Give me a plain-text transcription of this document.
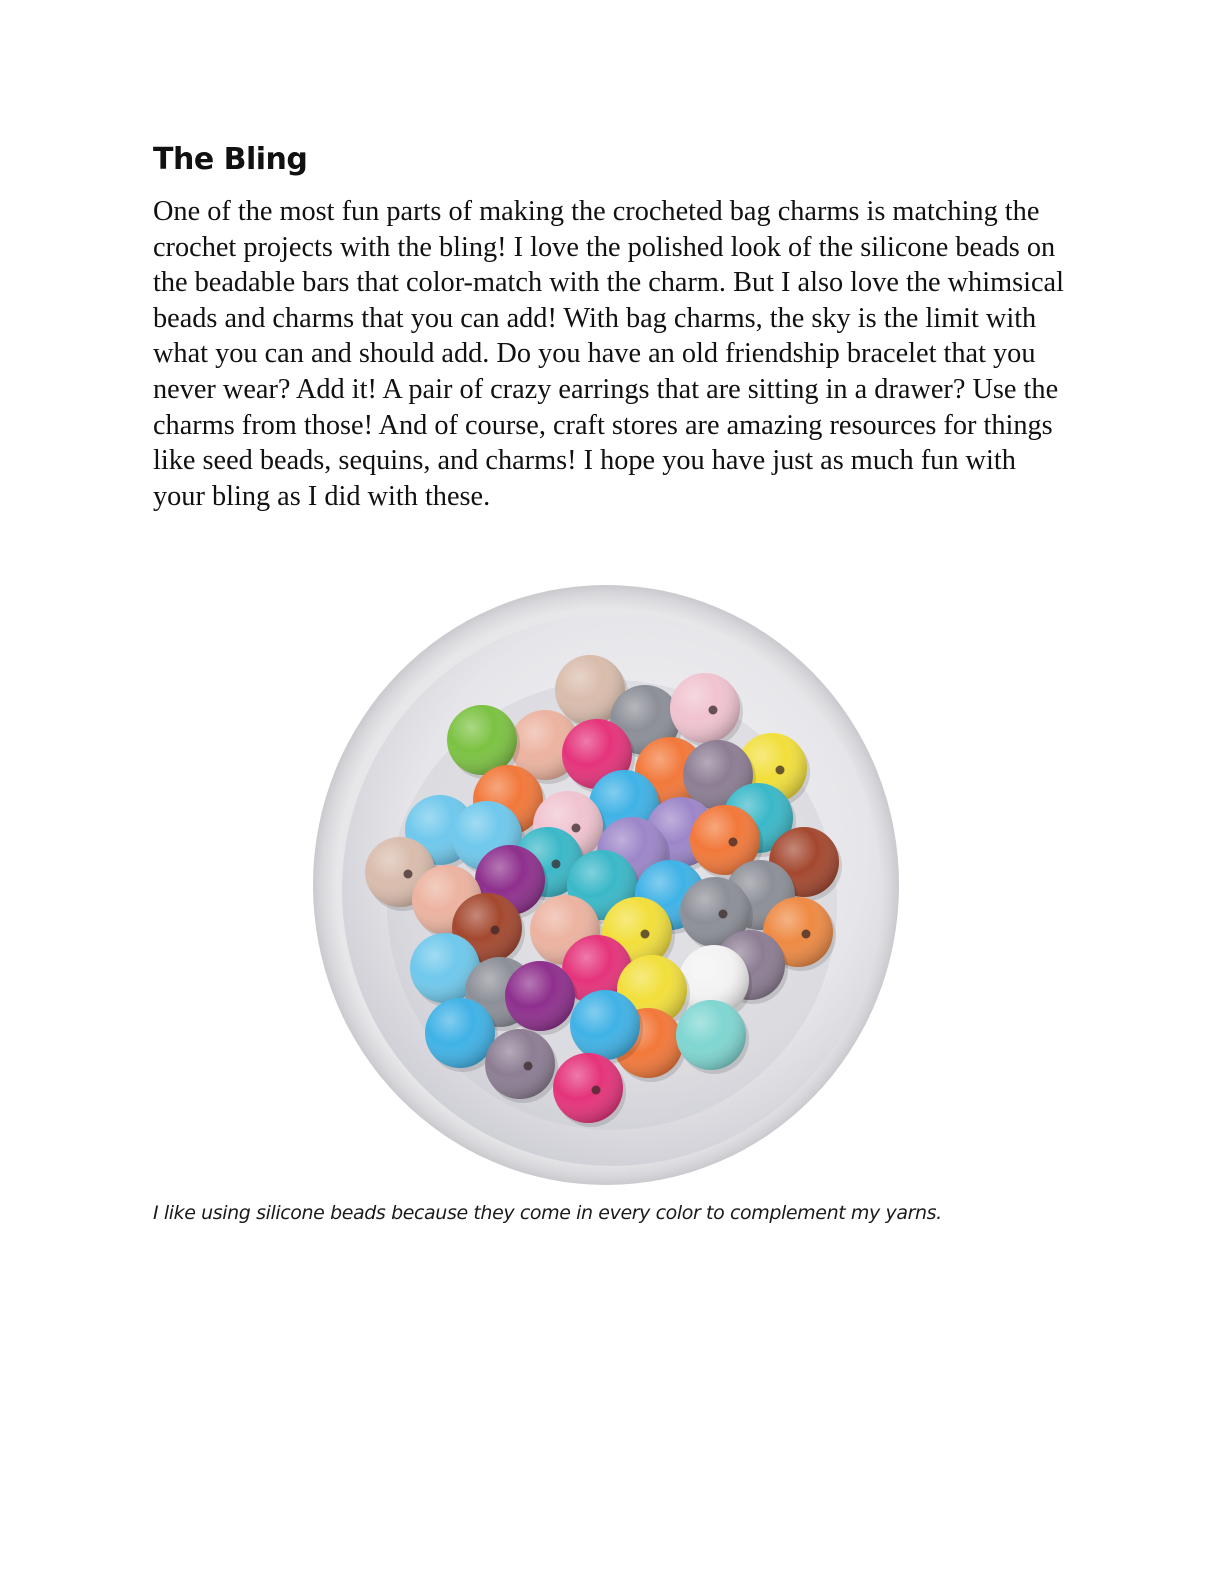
The Bling

One of the most fun parts of making the crocheted bag charms is matching the crochet projects with the bling! I love the polished look of the silicone beads on the beadable bars that color-match with the charm. But I also love the whimsical beads and charms that you can add! With bag charms, the sky is the limit with what you can and should add. Do you have an old friendship bracelet that you never wear? Add it! A pair of crazy earrings that are sitting in a drawer? Use the charms from those! And of course, craft stores are amazing resources for things like seed beads, sequins, and charms! I hope you have just as much fun with your bling as I did with these.

I like using silicone beads because they come in every color to complement my yarns.
